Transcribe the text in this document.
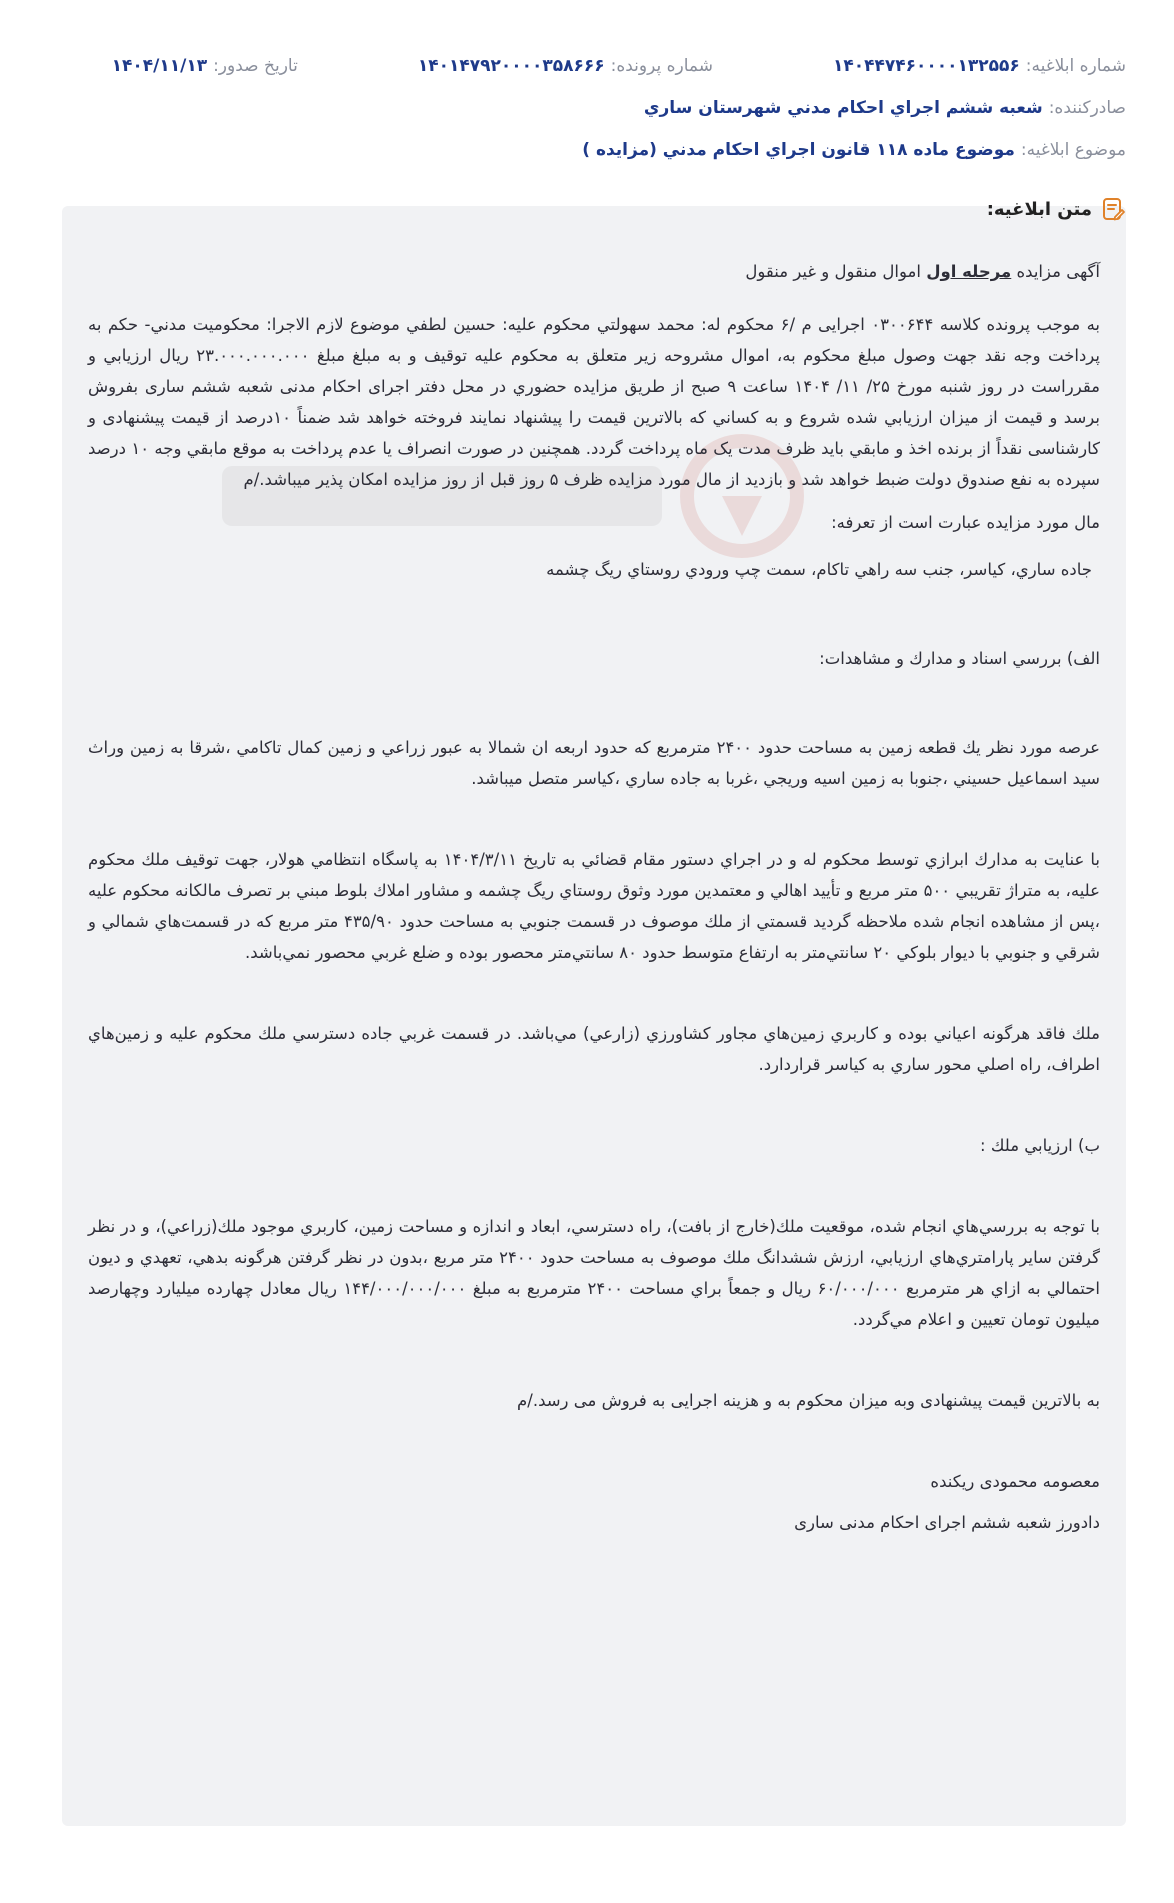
شماره ابلاغیه:
۱۴۰۴۴۷۴۶۰۰۰۰۱۳۲۵۵۶
شماره پرونده:
۱۴۰۱۴۷۹۲۰۰۰۰۳۵۸۶۶۶
تاریخ صدور:
۱۴۰۴/۱۱/۱۳
صادرکننده:
شعبه ششم اجراي احكام مدني شهرستان ساري
موضوع ابلاغیه:
موضوع ماده ۱۱۸ قانون اجراي احكام مدني (مزايده )

آگهی مزایده مرحله اول اموال منقول و غیر منقول

به موجب پرونده كلاسه ۰۳۰۰۶۴۴ اجرایی م /۶ محكوم له: محمد سهولتي محكوم عليه: حسين لطفي موضوع لازم الاجرا: محكوميت مدني- حكم به پرداخت وجه نقد جهت وصول مبلغ محكوم به، اموال مشروحه زير متعلق به محكوم علیه توقیف و به مبلغ مبلغ ۲۳.۰۰۰.۰۰۰.۰۰۰ ريال ارزيابي و مقرراست در روز شنبه مورخ ۲۵/ ۱۱/ ۱۴۰۴ ساعت ۹ صبح از طريق مزايده حضوري در محل دفتر اجرای احکام مدنی شعبه ششم ساری بفروش برسد و قيمت از ميزان ارزيابي شده شروع و به كساني كه بالاترين قيمت را پيشنهاد نمايند فروخته خواهد شد ضمناً ۱۰درصد از قیمت پیشنهادی و كارشناسی نقداً از برنده اخذ و مابقي بايد ظرف مدت يک ماه پرداخت گردد. همچنين در صورت انصراف يا عدم پرداخت به موقع مابقي وجه ۱۰ درصد سپرده به نفع صندوق دولت ضبط خواهد شد و بازديد از مال مورد مزايده ظرف ۵ روز قبل از روز مزايده امكان پذير ميباشد./م

مال مورد مزایده عبارت است از تعرفه:

جاده ساري، كياسر، جنب سه راهي تاكام، سمت چپ ورودي روستاي ريگ چشمه

الف) بررسي اسناد و مدارك و مشاهدات:

عرصه مورد نظر يك قطعه زمين به مساحت حدود ۲۴۰۰ مترمربع كه حدود اربعه ان شمالا به عبور زراعي و زمين كمال تاكامي ،شرقا به زمين وراث سيد اسماعيل حسيني ،جنوبا به زمين اسيه وريجي ،غربا به جاده ساري ،كياسر متصل ميباشد.

با عنايت به مدارك ابرازي توسط محكوم له و در اجراي دستور مقام قضائي به تاريخ ۱۴۰۴/۳/۱۱ به پاسگاه انتظامي هولار، جهت توقيف ملك محكوم عليه، به متراژ تقريبي ۵۰۰ متر مربع و تأييد اهالي و معتمدين مورد وثوق روستاي ريگ چشمه و مشاور املاك بلوط مبني بر تصرف مالكانه محكوم عليه ،پس از مشاهده انجام شده ملاحظه گرديد قسمتي از ملك موصوف در قسمت جنوبي به مساحت حدود ۴۳۵/۹۰ متر مربع كه در قسمت‌هاي شمالي و شرقي و جنوبي با ديوار بلوكي ۲۰ سانتي‌متر به ارتفاع متوسط حدود ۸۰ سانتي‌متر محصور بوده و ضلع غربي محصور نمي‌باشد.

ملك فاقد هرگونه اعياني بوده و كاربري زمين‌هاي مجاور كشاورزي (زارعي) مي‌باشد. در قسمت غربي جاده دسترسي ملك محكوم عليه و زمين‌هاي اطراف، راه اصلي محور ساري به كياسر قراردارد.

ب) ارزيابي ملك :

با توجه به بررسي‌هاي انجام شده، موقعيت ملك(خارج از بافت)، راه دسترسي، ابعاد و اندازه و مساحت زمين، كاربري موجود ملك(زراعي)، و در نظر گرفتن ساير پارامتري‌هاي ارزيابي، ارزش ششدانگ ملك موصوف به مساحت حدود ۲۴۰۰ متر مربع ،بدون در نظر گرفتن هرگونه بدهي، تعهدي و ديون احتمالي به ازاي هر مترمربع ۶۰/۰۰۰/۰۰۰ ريال و جمعاً براي مساحت ۲۴۰۰ مترمربع به مبلغ ۱۴۴/۰۰۰/۰۰۰/۰۰۰ ريال معادل چهارده ميليارد وچهارصد ميليون تومان تعيين و اعلام مي‌گردد.

به بالاترين قیمت پیشنهادی وبه میزان محکوم به و هزینه اجرایی به فروش می رسد./م

معصومه محمودی ریکنده

دادورز شعبه ششم اجرای احکام مدنی ساری

متن ابلاغیه:
